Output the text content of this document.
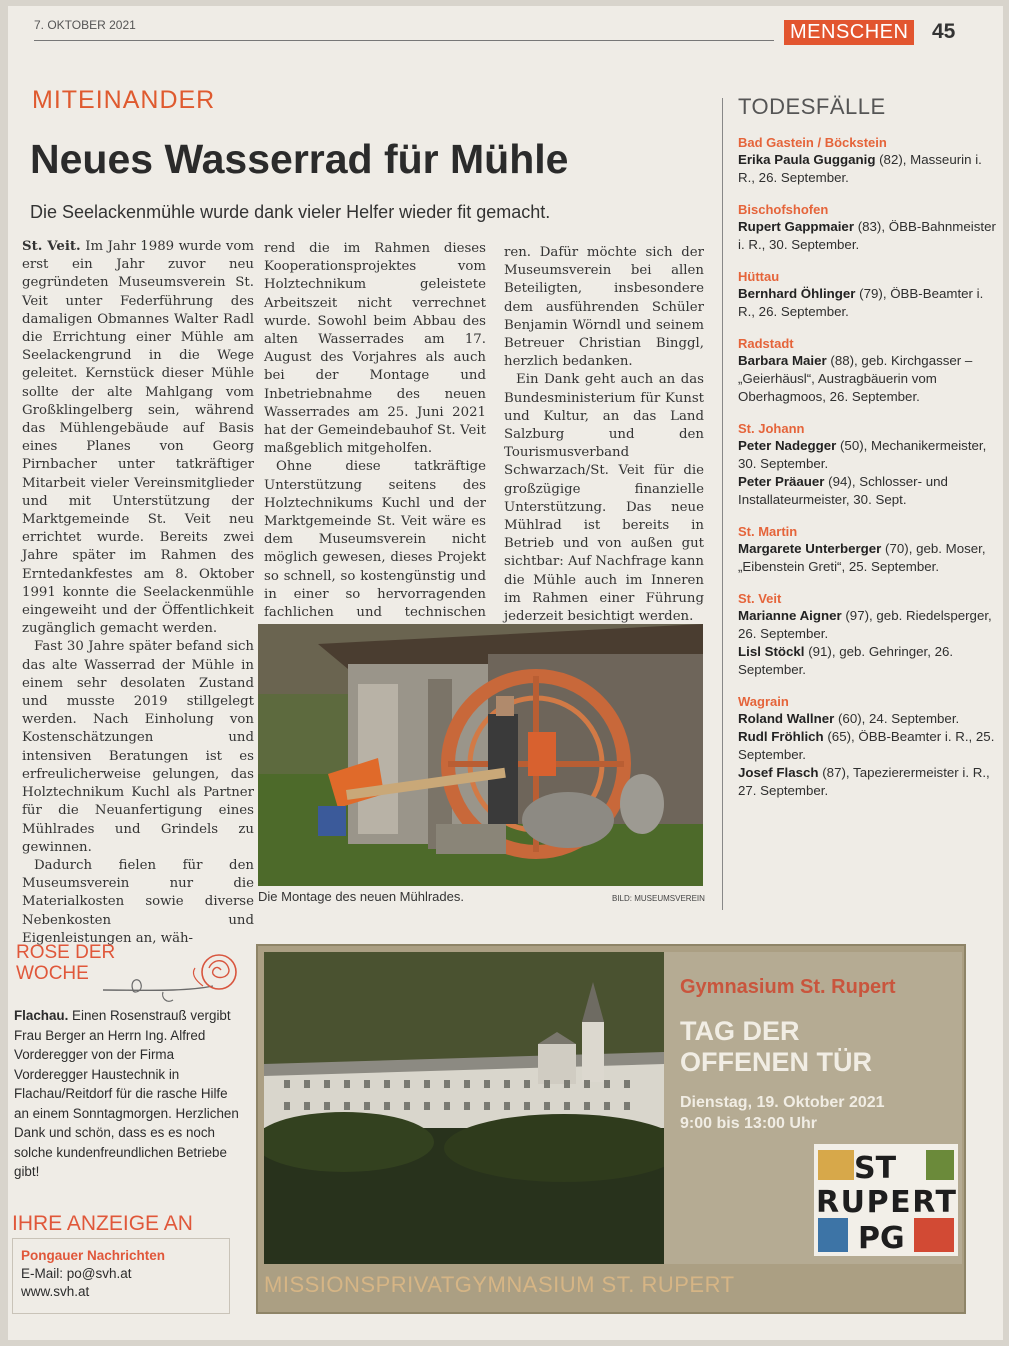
7. OKTOBER 2021	MENSCHEN 45
MITEINANDER
Neues Wasserrad für Mühle
Die Seelackenmühle wurde dank vieler Helfer wieder fit gemacht.

St. Veit. Im Jahr 1989 wurde vom erst ein Jahr zuvor neu gegründeten Museumsverein St. Veit unter Federführung des damaligen Obmannes Walter Radl die Errichtung einer Mühle am Seelackengrund in die Wege geleitet. Kernstück dieser Mühle sollte der alte Mahlgang vom Großklingelberg sein, während das Mühlengebäude auf Basis eines Planes von Georg Pirnbacher unter tatkräftiger Mitarbeit vieler Vereinsmitglieder und mit Unterstützung der Marktgemeinde St. Veit neu errichtet wurde. Bereits zwei Jahre später im Rahmen des Erntedankfestes am 8. Oktober 1991 konnte die Seelackenmühle eingeweiht und der Öffentlichkeit zugänglich gemacht werden.

Fast 30 Jahre später befand sich das alte Wasserrad der Mühle in einem sehr desolaten Zustand und musste 2019 stillgelegt werden. Nach Einholung von Kostenschätzungen und intensiven Beratungen ist es erfreulicherweise gelungen, das Holztechnikum Kuchl als Partner für die Neuanfertigung eines Mühlrades und Grindels zu gewinnen.

Dadurch fielen für den Museumsverein nur die Materialkosten sowie diverse Nebenkosten und Eigenleistungen an, wäh-

rend die im Rahmen dieses Kooperationsprojektes vom Holztechnikum geleistete Arbeitszeit nicht verrechnet wurde. Sowohl beim Abbau des alten Wasserrades am 17. August des Vorjahres als auch bei der Montage und Inbetriebnahme des neuen Wasserrades am 25. Juni 2021 hat der Gemeindebauhof St. Veit maßgeblich mitgeholfen.

Ohne diese tatkräftige Unterstützung seitens des Holztechnikums Kuchl und der Marktgemeinde St. Veit wäre es dem Museumsverein nicht möglich gewesen, dieses Projekt so schnell, so kostengünstig und in einer so hervorragenden fachlichen und technischen

ren. Dafür möchte sich der Museumsverein bei allen Beteiligten, insbesondere dem ausführenden Schüler Benjamin Wörndl und seinem Betreuer Christian Binggl, herzlich bedanken.

Ein Dank geht auch an das Bundesministerium für Kunst und Kultur, an das Land Salzburg und den Tourismusverband Schwarzach/St. Veit für die großzügige finanzielle Unterstützung. Das neue Mühlrad ist bereits in Betrieb und von außen gut sichtbar: Auf Nachfrage kann die Mühle auch im Inneren im Rahmen einer Führung jederzeit besichtigt werden.

Die Montage des neuen Mühlrades.	BILD: MUSEUMSVEREIN
TODESFÄLLE
Bad Gastein / Böckstein
Erika Paula Gugganig (82), Masseurin i. R., 26. September.
Bischofshofen
Rupert Gappmaier (83), ÖBB-Bahnmeister i. R., 30. September.
Hüttau
Bernhard Öhlinger (79), ÖBB-Beamter i. R., 26. September.
Radstadt
Barbara Maier (88), geb. Kirchgasser – „Geierhäusl“, Austragbäuerin vom Oberhagmoos, 26. September.
St. Johann
Peter Nadegger (50), Mechanikermeister, 30. September.
Peter Präauer (94), Schlosser- und Installateurmeister, 30. Sept.
St. Martin
Margarete Unterberger (70), geb. Moser, „Eibenstein Greti“, 25. September.
St. Veit
Marianne Aigner (97), geb. Riedelsperger, 26. September.
Lisl Stöckl (91), geb. Gehringer, 26. September.
Wagrain
Roland Wallner (60), 24. September.
Rudl Fröhlich (65), ÖBB-Beamter i. R., 25. September.
Josef Flasch (87), Tapezierermeister i. R., 27. September.
ROSE DER
WOCHE
Flachau. Einen Rosenstrauß vergibt Frau Berger an Herrn Ing. Alfred Vorderegger von der Firma Vorderegger Haustechnik in Flachau/Reitdorf für die rasche Hilfe an einem Sonntagmorgen. Herzlichen Dank und schön, dass es es noch solche kundenfreundlichen Betriebe gibt!
IHRE ANZEIGE AN
Pongauer Nachrichten
E-Mail: po@svh.at
www.svh.at
Gymnasium St. Rupert
TAG DER
OFFENEN TÜR
Dienstag, 19. Oktober 2021
9:00 bis 13:00 Uhr
ST
RUPERT
PG
MISSIONSPRIVATGYMNASIUM ST. RUPERT
